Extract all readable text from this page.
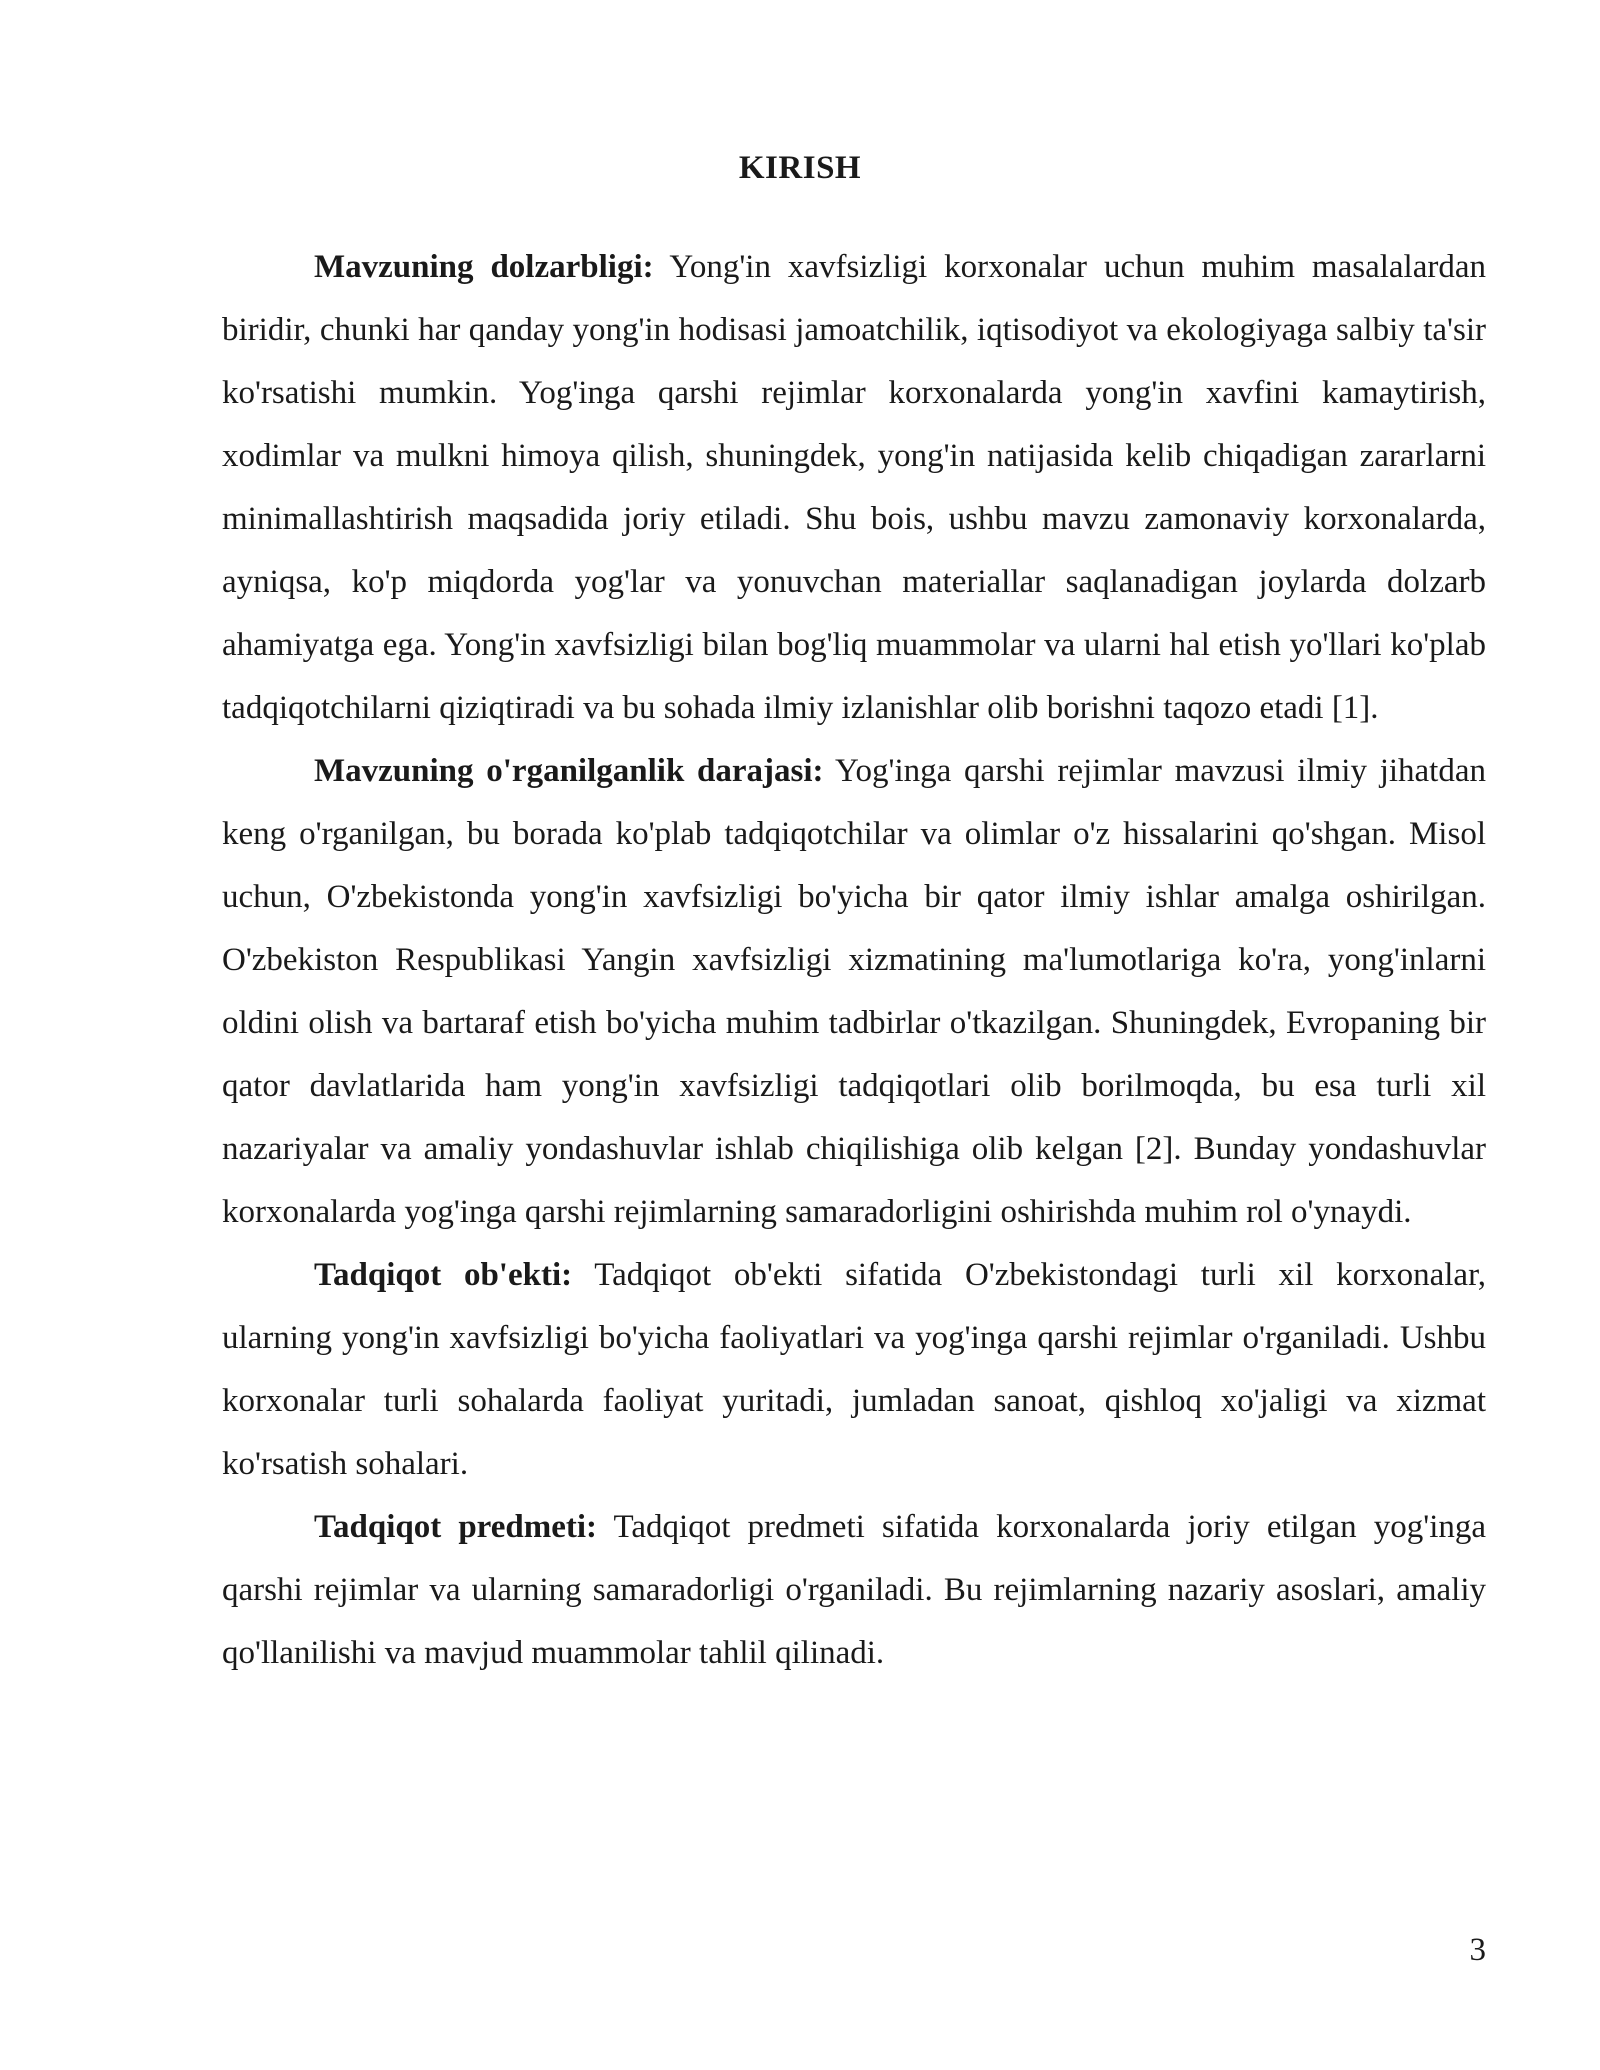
KIRISH

Mavzuning dolzarbligi: Yong'in xavfsizligi korxonalar uchun muhim masalalardan biridir, chunki har qanday yong'in hodisasi jamoatchilik, iqtisodiyot va ekologiyaga salbiy ta'sir ko'rsatishi mumkin. Yog'inga qarshi rejimlar korxonalarda yong'in xavfini kamaytirish, xodimlar va mulkni himoya qilish, shuningdek, yong'in natijasida kelib chiqadigan zararlarni minimallashtirish maqsadida joriy etiladi. Shu bois, ushbu mavzu zamonaviy korxonalarda, ayniqsa, ko'p miqdorda yog'lar va yonuvchan materiallar saqlanadigan joylarda dolzarb ahamiyatga ega. Yong'in xavfsizligi bilan bog'liq muammolar va ularni hal etish yo'llari ko'plab tadqiqotchilarni qiziqtiradi va bu sohada ilmiy izlanishlar olib borishni taqozo etadi [1].

Mavzuning o'rganilganlik darajasi: Yog'inga qarshi rejimlar mavzusi ilmiy jihatdan keng o'rganilgan, bu borada ko'plab tadqiqotchilar va olimlar o'z hissalarini qo'shgan. Misol uchun, O'zbekistonda yong'in xavfsizligi bo'yicha bir qator ilmiy ishlar amalga oshirilgan. O'zbekiston Respublikasi Yangin xavfsizligi xizmatining ma'lumotlariga ko'ra, yong'inlarni oldini olish va bartaraf etish bo'yicha muhim tadbirlar o'tkazilgan. Shuningdek, Evropaning bir qator davlatlarida ham yong'in xavfsizligi tadqiqotlari olib borilmoqda, bu esa turli xil nazariyalar va amaliy yondashuvlar ishlab chiqilishiga olib kelgan [2]. Bunday yondashuvlar korxonalarda yog'inga qarshi rejimlarning samaradorligini oshirishda muhim rol o'ynaydi.

Tadqiqot ob'ekti: Tadqiqot ob'ekti sifatida O'zbekistondagi turli xil korxonalar, ularning yong'in xavfsizligi bo'yicha faoliyatlari va yog'inga qarshi rejimlar o'rganiladi. Ushbu korxonalar turli sohalarda faoliyat yuritadi, jumladan sanoat, qishloq xo'jaligi va xizmat ko'rsatish sohalari.

Tadqiqot predmeti: Tadqiqot predmeti sifatida korxonalarda joriy etilgan yog'inga qarshi rejimlar va ularning samaradorligi o'rganiladi. Bu rejimlarning nazariy asoslari, amaliy qo'llanilishi va mavjud muammolar tahlil qilinadi.

3
